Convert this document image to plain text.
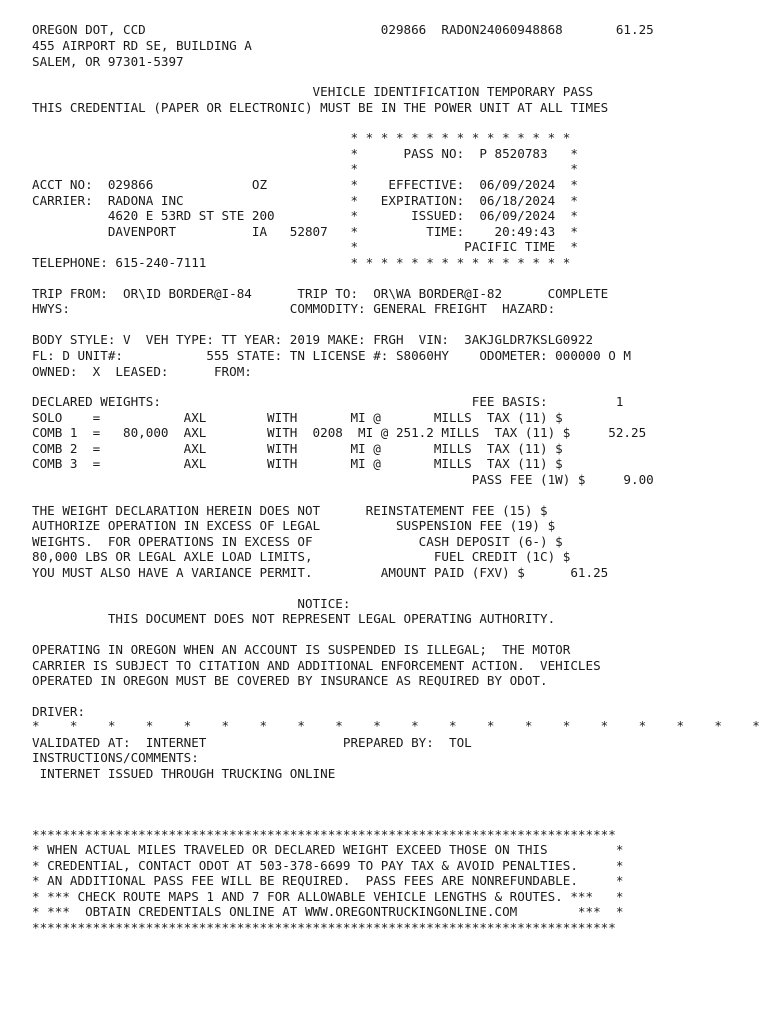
OREGON DOT, CCD                               029866  RADON24060948868       61.25
455 AIRPORT RD SE, BUILDING A
SALEM, OR 97301-5397
VEHICLE IDENTIFICATION TEMPORARY PASS
THIS CREDENTIAL (PAPER OR ELECTRONIC) MUST BE IN THE POWER UNIT AT ALL TIMES
* * * * * * * * * * * * * * *
*      PASS NO:  P 8520783   *
*                            *
ACCT NO:  029866             OZ           *    EFFECTIVE:  06/09/2024  *
CARRIER:  RADONA INC                      *   EXPIRATION:  06/18/2024  *
4620 E 53RD ST STE 200          *       ISSUED:  06/09/2024  *
DAVENPORT          IA   52807   *         TIME:    20:49:43  *
*              PACIFIC TIME  *
TELEPHONE: 615-240-7111                   * * * * * * * * * * * * * * *
TRIP FROM:  OR\ID BORDER@I-84      TRIP TO:  OR\WA BORDER@I-82      COMPLETE
HWYS:                             COMMODITY: GENERAL FREIGHT  HAZARD:
BODY STYLE: V  VEH TYPE: TT YEAR: 2019 MAKE: FRGH  VIN:  3AKJGLDR7KSLG0922
FL: D UNIT#:           555 STATE: TN LICENSE #: S8060HY    ODOMETER: 000000 O M
OWNED:  X  LEASED:      FROM:
DECLARED WEIGHTS:                                         FEE BASIS:         1
SOLO    =           AXL        WITH       MI @       MILLS  TAX (11) $
COMB 1  =   80,000  AXL        WITH  0208  MI @ 251.2 MILLS  TAX (11) $     52.25
COMB 2  =           AXL        WITH       MI @       MILLS  TAX (11) $
COMB 3  =           AXL        WITH       MI @       MILLS  TAX (11) $
PASS FEE (1W) $     9.00
THE WEIGHT DECLARATION HEREIN DOES NOT      REINSTATEMENT FEE (15) $
AUTHORIZE OPERATION IN EXCESS OF LEGAL          SUSPENSION FEE (19) $
WEIGHTS.  FOR OPERATIONS IN EXCESS OF              CASH DEPOSIT (6-) $
80,000 LBS OR LEGAL AXLE LOAD LIMITS,                FUEL CREDIT (1C) $
YOU MUST ALSO HAVE A VARIANCE PERMIT.         AMOUNT PAID (FXV) $      61.25
NOTICE:
THIS DOCUMENT DOES NOT REPRESENT LEGAL OPERATING AUTHORITY.
OPERATING IN OREGON WHEN AN ACCOUNT IS SUSPENDED IS ILLEGAL;  THE MOTOR
CARRIER IS SUBJECT TO CITATION AND ADDITIONAL ENFORCEMENT ACTION.  VEHICLES
OPERATED IN OREGON MUST BE COVERED BY INSURANCE AS REQUIRED BY ODOT.
DRIVER:
*    *    *    *    *    *    *    *    *    *    *    *    *    *    *    *    *    *    *    *
VALIDATED AT:  INTERNET                  PREPARED BY:  TOL
INSTRUCTIONS/COMMENTS:
INTERNET ISSUED THROUGH TRUCKING ONLINE
*****************************************************************************
* WHEN ACTUAL MILES TRAVELED OR DECLARED WEIGHT EXCEED THOSE ON THIS         *
* CREDENTIAL, CONTACT ODOT AT 503-378-6699 TO PAY TAX & AVOID PENALTIES.     *
* AN ADDITIONAL PASS FEE WILL BE REQUIRED.  PASS FEES ARE NONREFUNDABLE.     *
* *** CHECK ROUTE MAPS 1 AND 7 FOR ALLOWABLE VEHICLE LENGTHS & ROUTES. ***   *
* ***  OBTAIN CREDENTIALS ONLINE AT WWW.OREGONTRUCKINGONLINE.COM        ***  *
*****************************************************************************
